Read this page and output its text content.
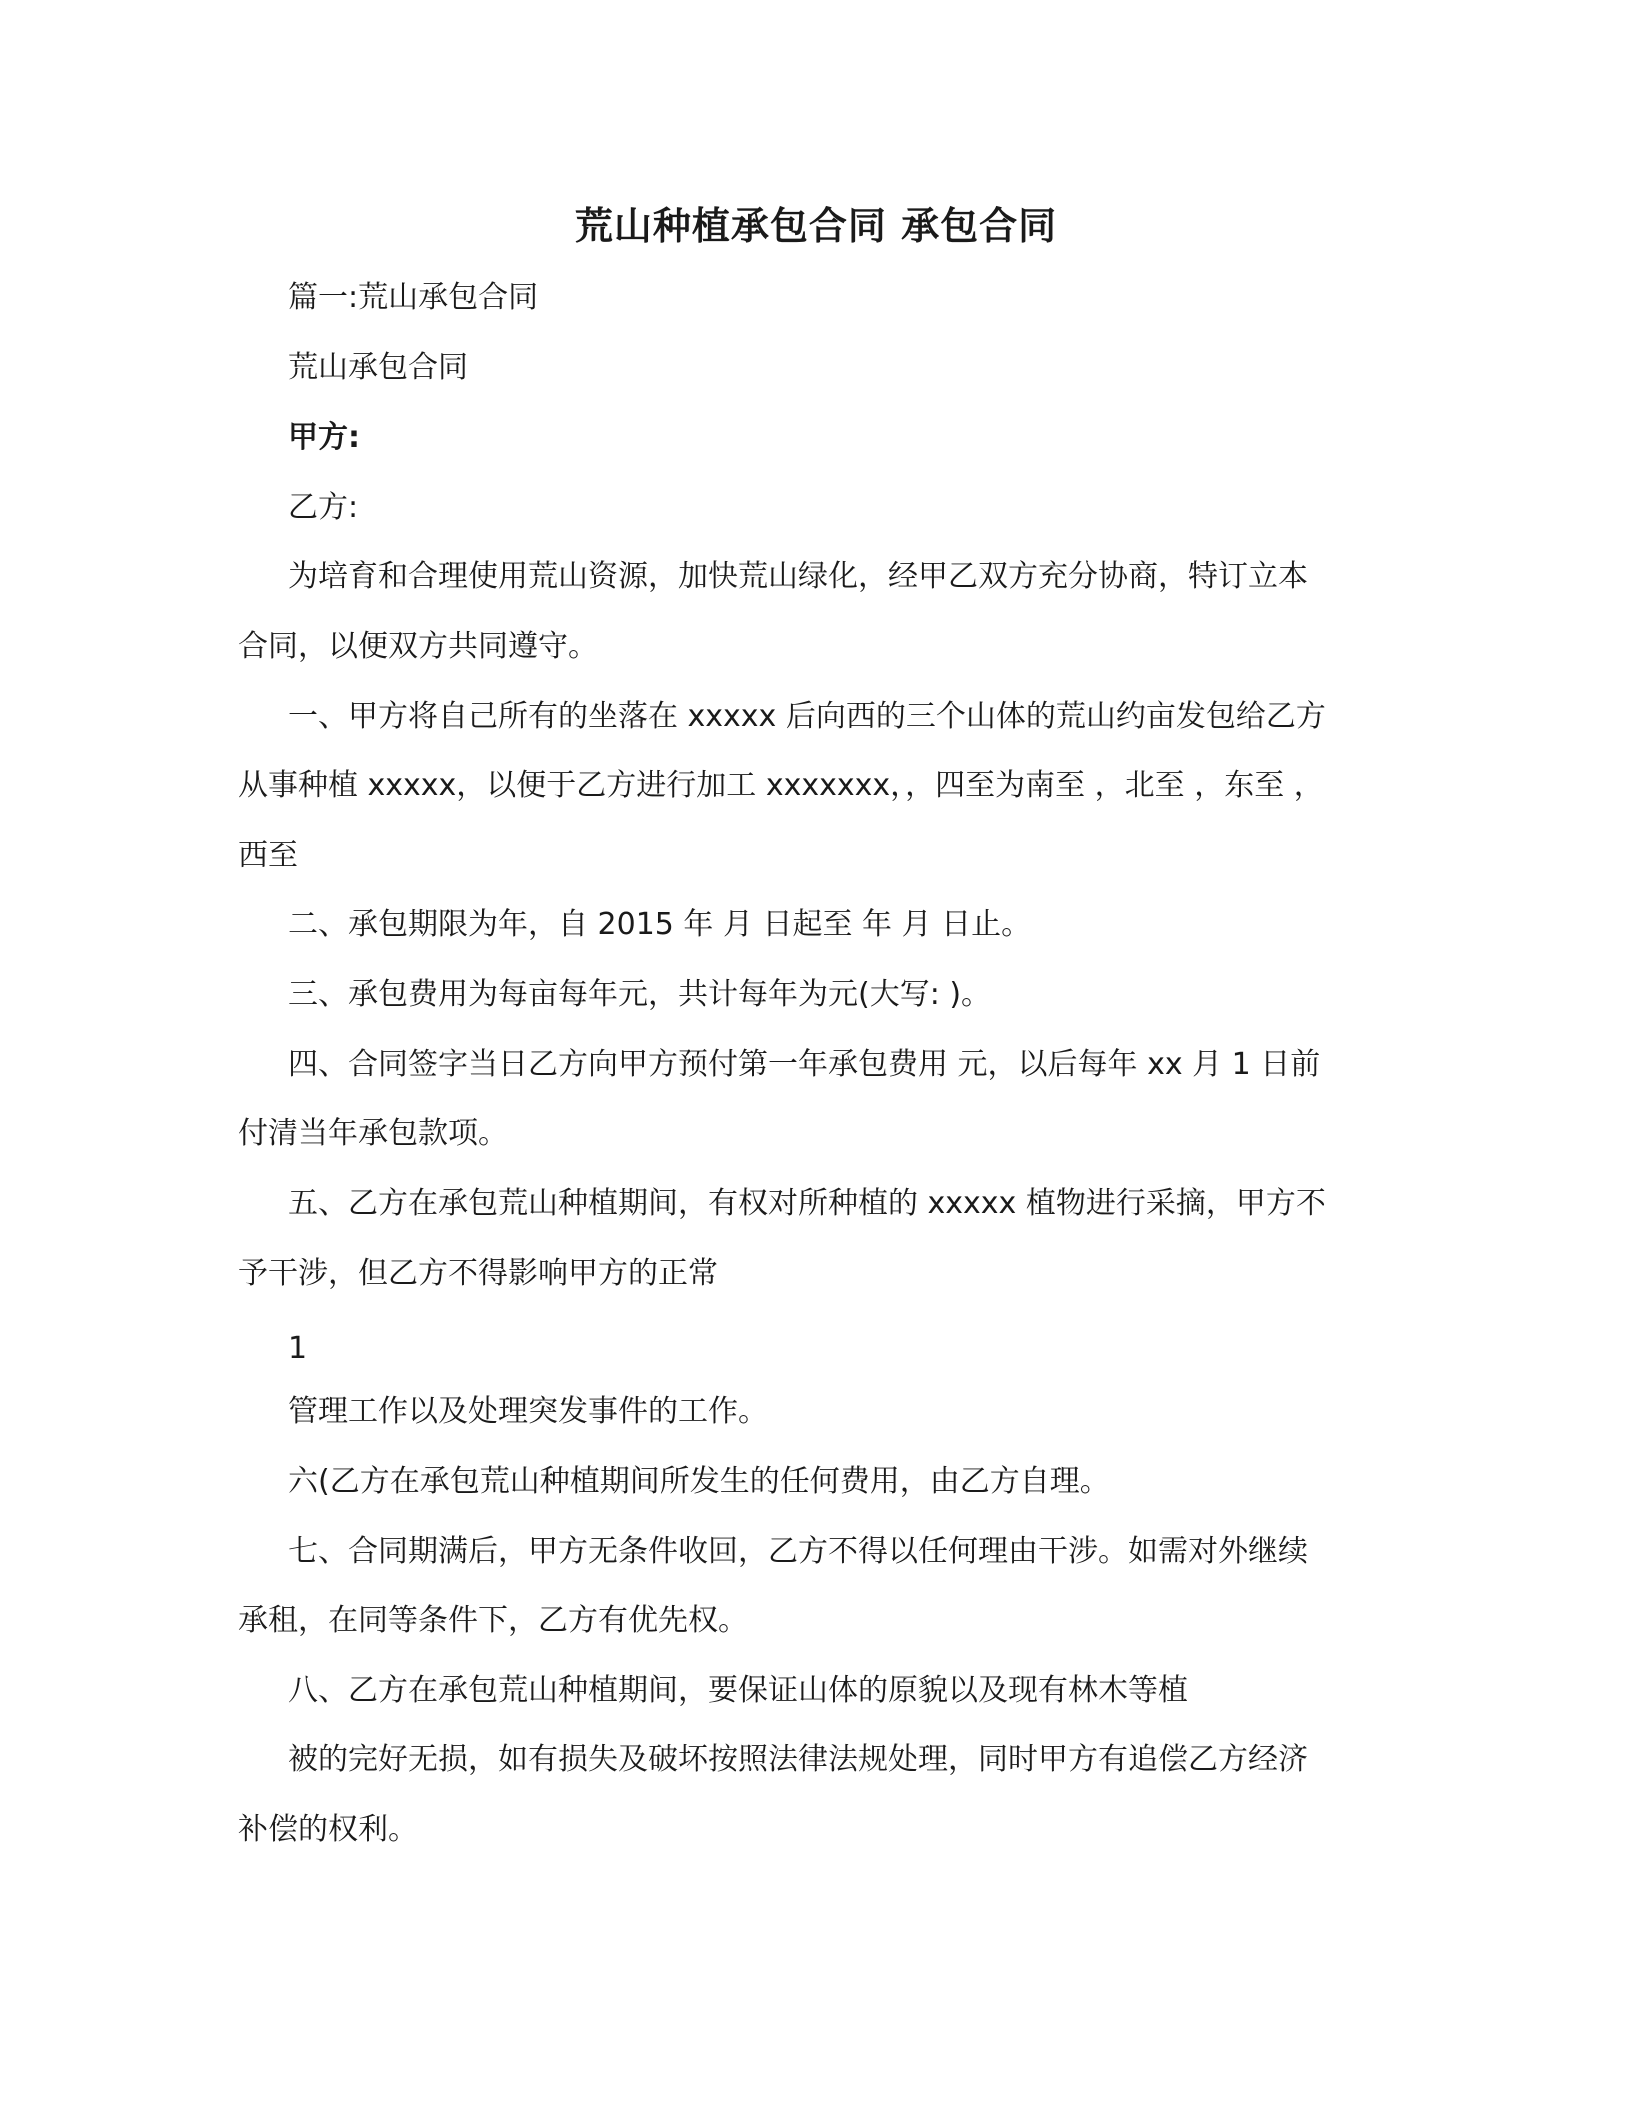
荒山种植承包合同 承包合同
篇一:荒山承包合同
荒山承包合同
甲方:
乙方:
为培育和合理使用荒山资源，加快荒山绿化，经甲乙双方充分协商，特订立本
合同，以便双方共同遵守。
一、甲方将自己所有的坐落在 xxxxx 后向西的三个山体的荒山约亩发包给乙方
从事种植 xxxxx，以便于乙方进行加工 xxxxxxx，，四至为南至 ，北至 ，东至 ，
西至
二、承包期限为年，自 2015 年 月 日起至 年 月 日止。
三、承包费用为每亩每年元，共计每年为元(大写: )。
四、合同签字当日乙方向甲方预付第一年承包费用 元，以后每年 xx 月 1 日前
付清当年承包款项。
五、乙方在承包荒山种植期间，有权对所种植的 xxxxx 植物进行采摘，甲方不
予干涉，但乙方不得影响甲方的正常
1
管理工作以及处理突发事件的工作。
六(乙方在承包荒山种植期间所发生的任何费用，由乙方自理。
七、合同期满后，甲方无条件收回，乙方不得以任何理由干涉。如需对外继续
承租，在同等条件下，乙方有优先权。
八、乙方在承包荒山种植期间，要保证山体的原貌以及现有林木等植
被的完好无损，如有损失及破坏按照法律法规处理，同时甲方有追偿乙方经济
补偿的权利。
